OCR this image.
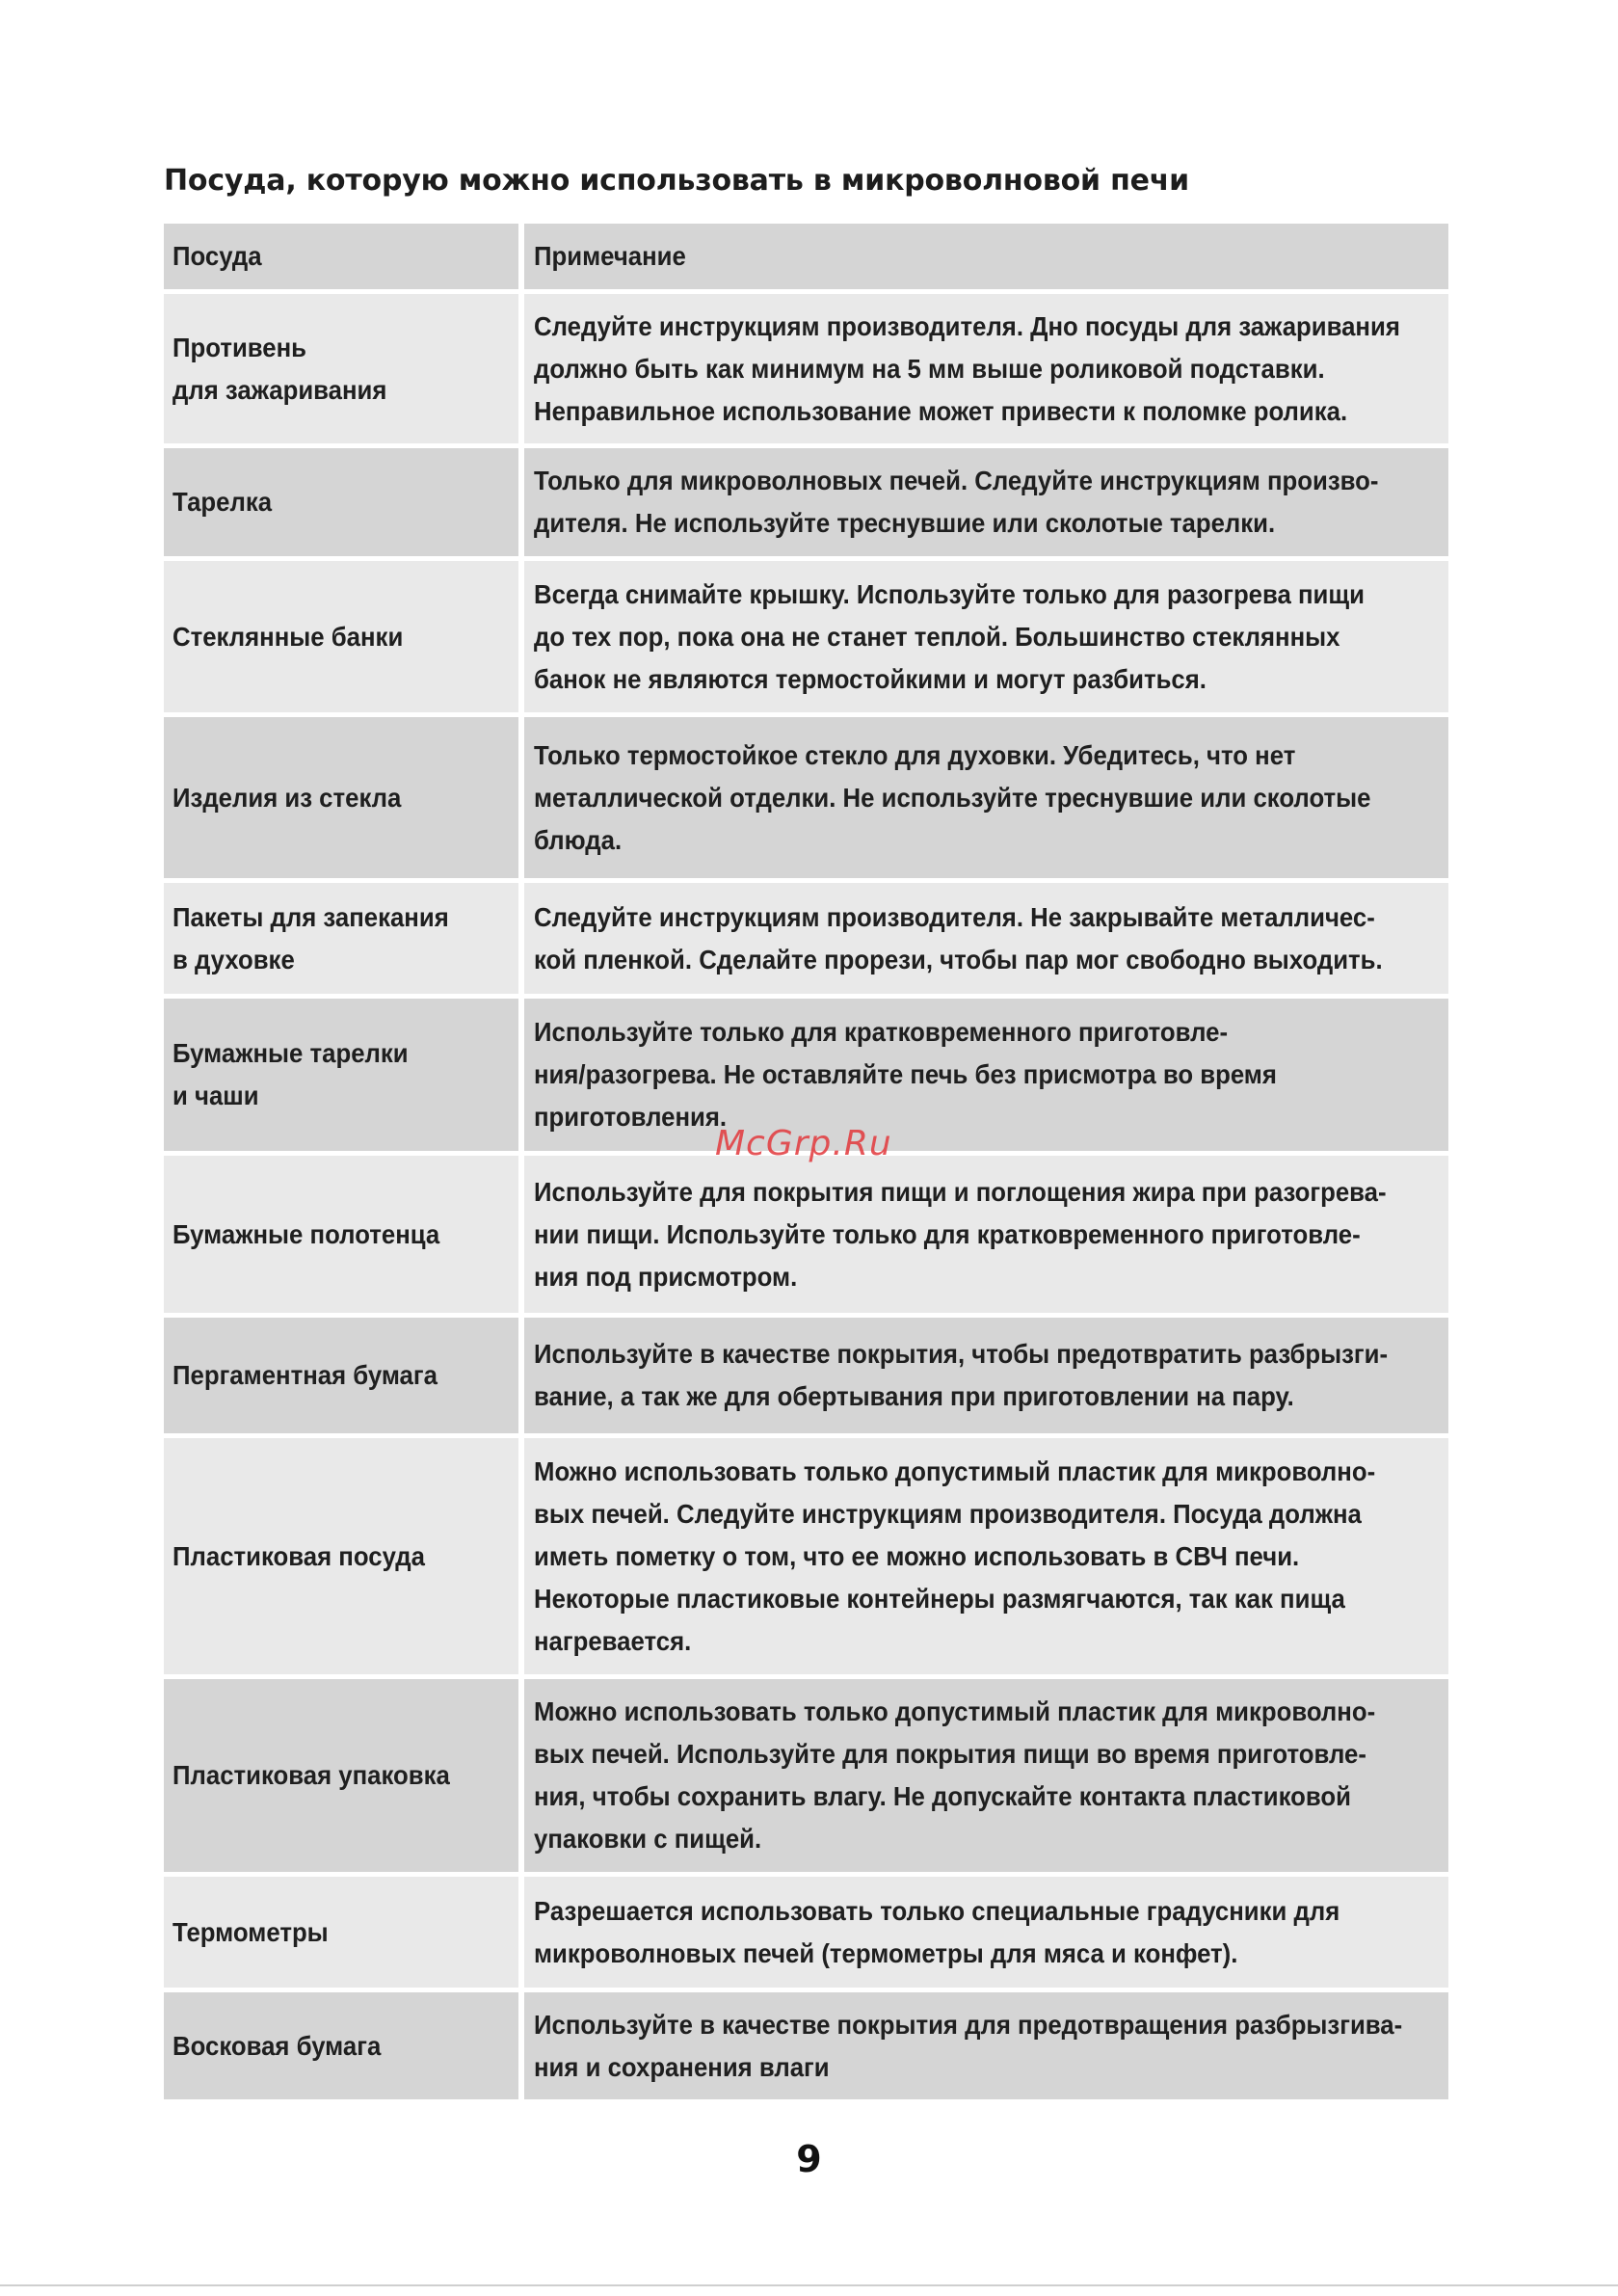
Посуда, которую можно использовать в микроволновой печи
Посуда	Примечание

Противень
для зажаривания	Следуйте инструкциям производителя. Дно посуды для зажаривания
должно быть как минимум на 5 мм выше роликовой подставки.
Неправильное использование может привести к поломке ролика.

Тарелка	Только для микроволновых печей. Следуйте инструкциям произво-
дителя. Не используйте треснувшие или сколотые тарелки.

Стеклянные банки	Всегда снимайте крышку. Используйте только для разогрева пищи
до тех пор, пока она не станет теплой. Большинство стеклянных
банок не являются термостойкими и могут разбиться.

Изделия из стекла	Только термостойкое стекло для духовки. Убедитесь, что нет
металлической отделки. Не используйте треснувшие или сколотые
блюда.

Пакеты для запекания
в духовке	Следуйте инструкциям производителя. Не закрывайте металличес-
кой пленкой. Сделайте прорези, чтобы пар мог свободно выходить.

Бумажные тарелки
и чаши	Используйте только для кратковременного приготовле-
ния/разогрева. Не оставляйте печь без присмотра во время
приготовления.

Бумажные полотенца	Используйте для покрытия пищи и поглощения жира при разогрева-
нии пищи. Используйте только для кратковременного приготовле-
ния под присмотром.

Пергаментная бумага	Используйте в качестве покрытия, чтобы предотвратить разбрызги-
вание, а так же для обертывания при приготовлении на пару.

Пластиковая посуда	Можно использовать только допустимый пластик для микроволно-
вых печей. Следуйте инструкциям производителя. Посуда должна
иметь пометку о том, что ее можно использовать в СВЧ печи.
Некоторые пластиковые контейнеры размягчаются, так как пища
нагревается.

Пластиковая упаковка	Можно использовать только допустимый пластик для микроволно-
вых печей. Используйте для покрытия пищи во время приготовле-
ния, чтобы сохранить влагу. Не допускайте контакта пластиковой
упаковки с пищей.

Термометры	Разрешается использовать только специальные градусники для
микроволновых печей (термометры для мяса и конфет).

Восковая бумага	Используйте в качестве покрытия для предотвращения разбрызгива-
ния и сохранения влаги
McGrp.Ru
9
